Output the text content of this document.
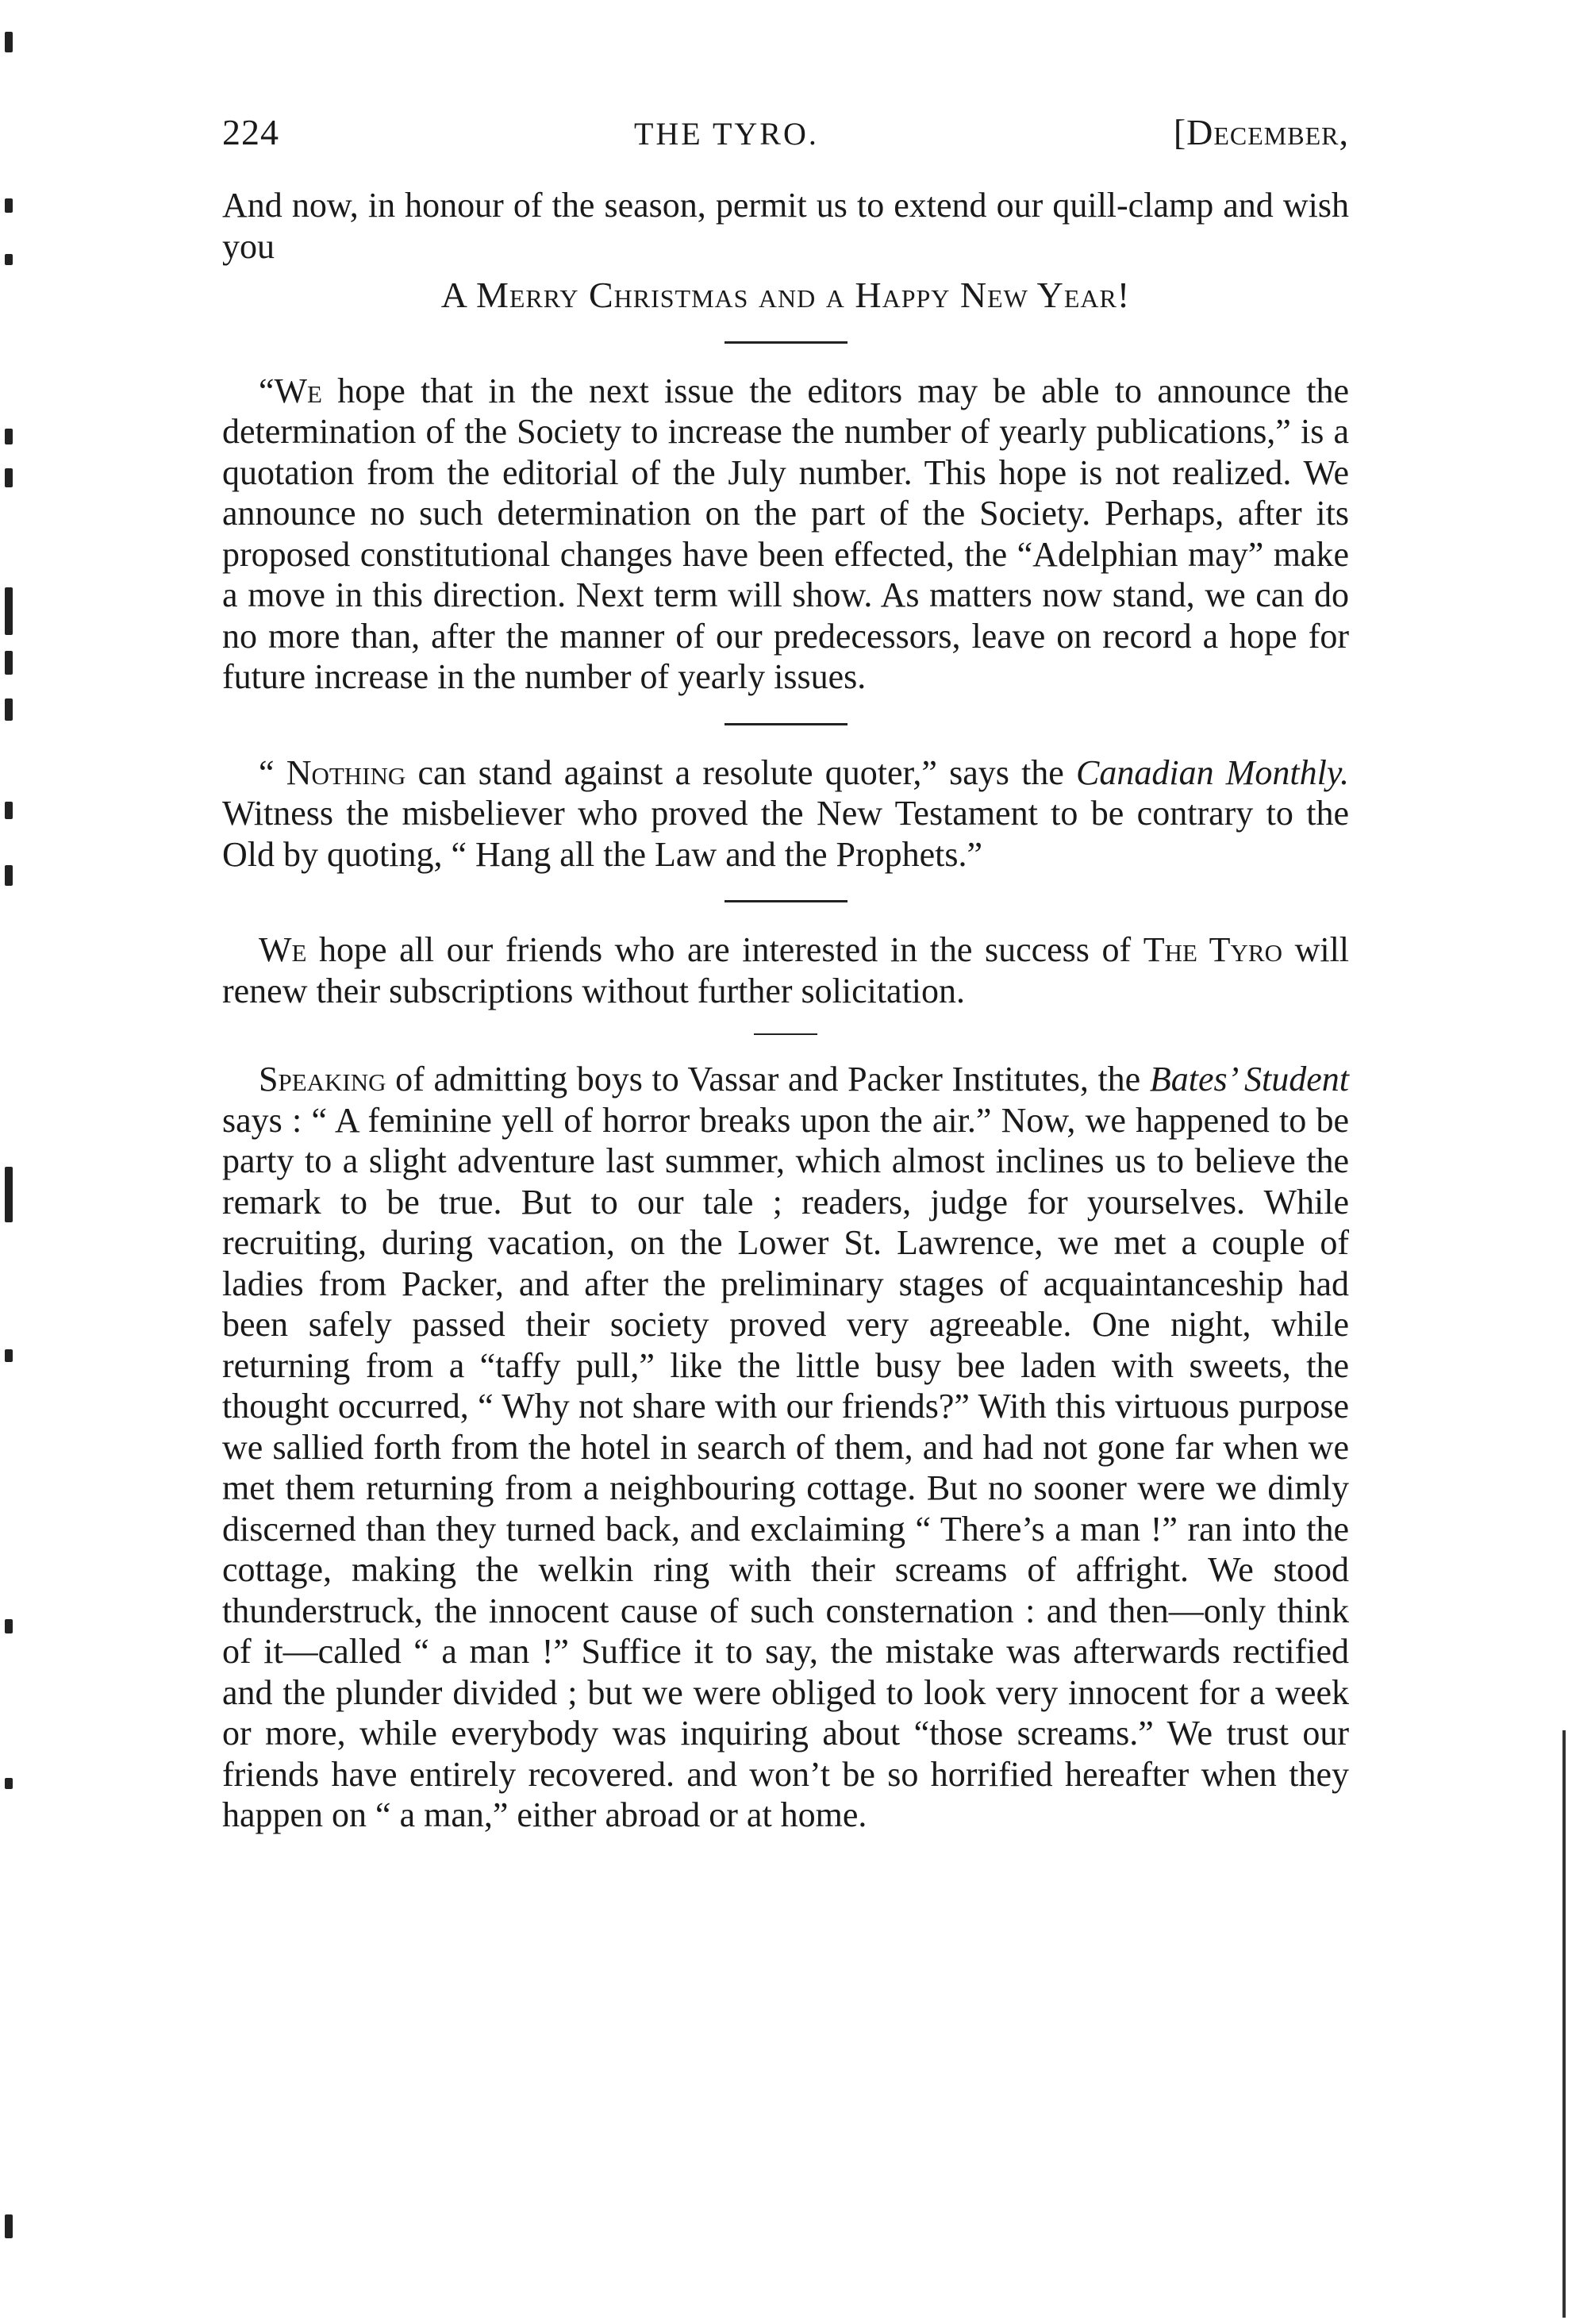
224	THE TYRO.	[December,

And now, in honour of the season, permit us to extend our quill-clamp and wish you

A Merry Christmas and a Happy New Year!

“We hope that in the next issue the editors may be able to announce the determination of the Society to increase the number of yearly publications,” is a quotation from the editorial of the July number. This hope is not realized. We announce no such determination on the part of the Society. Perhaps, after its proposed constitutional changes have been effected, the “Adelphian may” make a move in this direction. Next term will show. As matters now stand, we can do no more than, after the manner of our predecessors, leave on record a hope for future increase in the number of yearly issues.

“ Nothing can stand against a resolute quoter,” says the Canadian Monthly. Witness the misbeliever who proved the New Testament to be contrary to the Old by quoting, “ Hang all the Law and the Prophets.”

We hope all our friends who are interested in the success of The Tyro will renew their subscriptions without further solicitation.

Speaking of admitting boys to Vassar and Packer Institutes, the Bates’ Student says : “ A feminine yell of horror breaks upon the air.” Now, we happened to be party to a slight adventure last summer, which almost inclines us to believe the remark to be true. But to our tale ; readers, judge for yourselves. While recruiting, during vacation, on the Lower St. Lawrence, we met a couple of ladies from Packer, and after the preliminary stages of acquaintanceship had been safely passed their society proved very agreeable. One night, while returning from a “taffy pull,” like the little busy bee laden with sweets, the thought occurred, “ Why not share with our friends?” With this virtuous purpose we sallied forth from the hotel in search of them, and had not gone far when we met them returning from a neighbouring cottage. But no sooner were we dimly discerned than they turned back, and exclaiming “ There’s a man !” ran into the cottage, making the welkin ring with their screams of affright. We stood thunderstruck, the innocent cause of such consternation : and then—only think of it—called “ a man !” Suffice it to say, the mistake was afterwards rectified and the plunder divided ; but we were obliged to look very innocent for a week or more, while everybody was inquiring about “those screams.” We trust our friends have entirely recovered. and won’t be so horrified hereafter when they happen on “ a man,” either abroad or at home.
